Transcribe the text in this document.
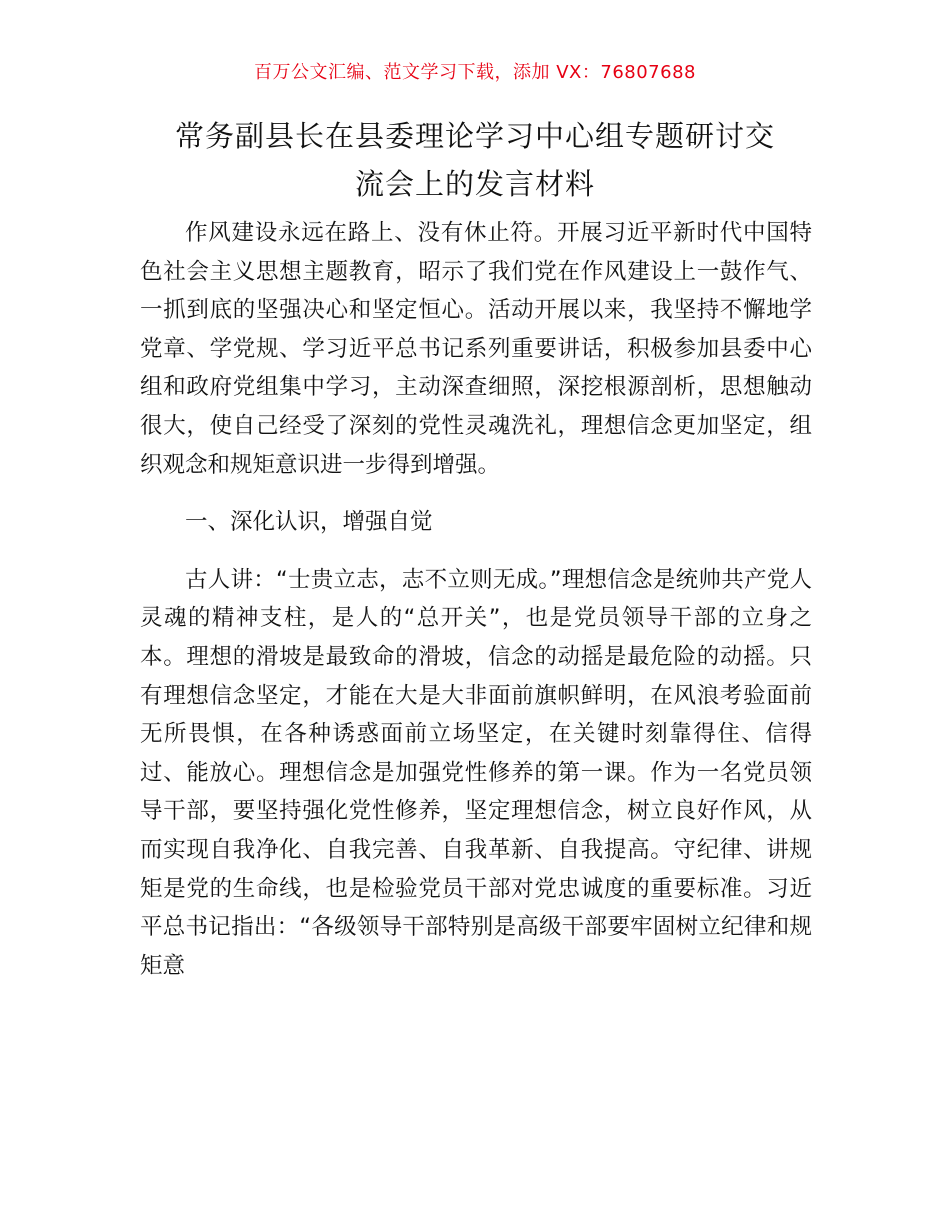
百万公文汇编、范文学习下载，添加 VX：76807688
常务副县长在县委理论学习中心组专题研讨交
流会上的发言材料

作风建设永远在路上、没有休止符。开展习近平新时代中国特色社会主义思想主题教育，昭示了我们党在作风建设上一鼓作气、一抓到底的坚强决心和坚定恒心。活动开展以来，我坚持不懈地学党章、学党规、学习近平总书记系列重要讲话，积极参加县委中心组和政府党组集中学习，主动深查细照，深挖根源剖析，思想触动很大，使自己经受了深刻的党性灵魂洗礼，理想信念更加坚定，组织观念和规矩意识进一步得到增强。

一、深化认识，增强自觉

古人讲：“士贵立志，志不立则无成。”理想信念是统帅共产党人灵魂的精神支柱，是人的“总开关”，也是党员领导干部的立身之本。理想的滑坡是最致命的滑坡，信念的动摇是最危险的动摇。只有理想信念坚定，才能在大是大非面前旗帜鲜明，在风浪考验面前无所畏惧，在各种诱惑面前立场坚定，在关键时刻靠得住、信得过、能放心。理想信念是加强党性修养的第一课。作为一名党员领导干部，要坚持强化党性修养，坚定理想信念，树立良好作风，从而实现自我净化、自我完善、自我革新、自我提高。守纪律、讲规矩是党的生命线，也是检验党员干部对党忠诚度的重要标准。习近平总书记指出：“各级领导干部特别是高级干部要牢固树立纪律和规矩意
